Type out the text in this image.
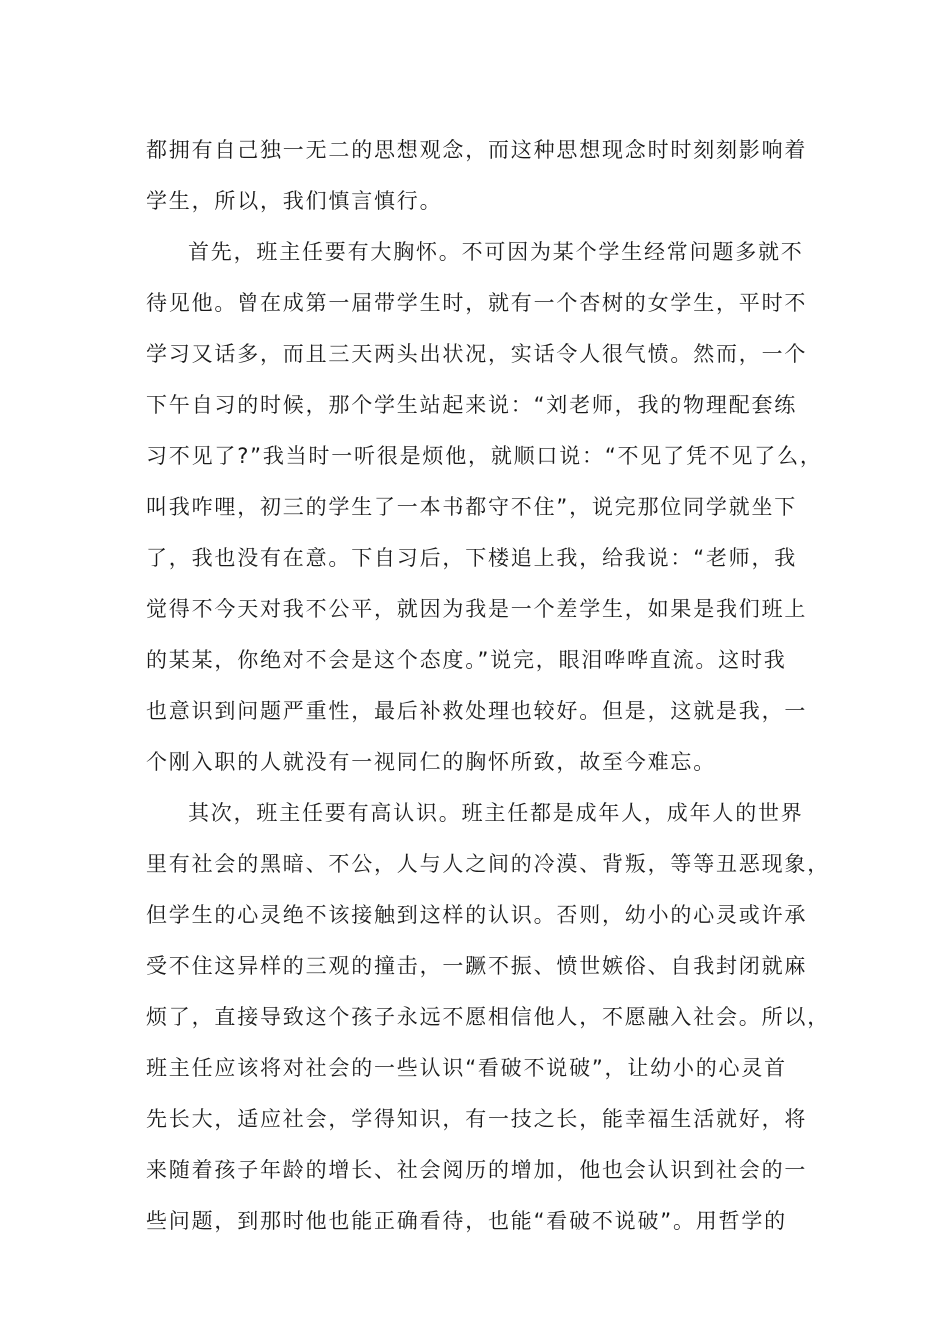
都拥有自己独一无二的思想观念，而这种思想现念时时刻刻影响着

学生，所以，我们慎言慎行。

首先，班主任要有大胸怀。不可因为某个学生经常问题多就不

待见他。曾在成第一届带学生时，就有一个杏树的女学生，平时不

学习又话多，而且三天两头出状况，实话令人很气愤。然而，一个

下午自习的时候，那个学生站起来说：“刘老师，我的物理配套练

习不见了?”我当时一听很是烦他，就顺口说：“不见了凭不见了么，

叫我咋哩，初三的学生了一本书都守不住”，说完那位同学就坐下

了，我也没有在意。下自习后，下楼追上我，给我说：“老师，我

觉得不今天对我不公平，就因为我是一个差学生，如果是我们班上

的某某，你绝对不会是这个态度。”说完，眼泪哗哗直流。这时我

也意识到问题严重性，最后补救处理也较好。但是，这就是我，一

个刚入职的人就没有一视同仁的胸怀所致，故至今难忘。

其次，班主任要有高认识。班主任都是成年人，成年人的世界

里有社会的黑暗、不公，人与人之间的冷漠、背叛，等等丑恶现象，

但学生的心灵绝不该接触到这样的认识。否则，幼小的心灵或许承

受不住这异样的三观的撞击，一蹶不振、愤世嫉俗、自我封闭就麻

烦了，直接导致这个孩子永远不愿相信他人，不愿融入社会。所以，

班主任应该将对社会的一些认识“看破不说破”，让幼小的心灵首

先长大，适应社会，学得知识，有一技之长，能幸福生活就好，将

来随着孩子年龄的增长、社会阅历的增加，他也会认识到社会的一

些问题，到那时他也能正确看待，也能“看破不说破”。用哲学的
